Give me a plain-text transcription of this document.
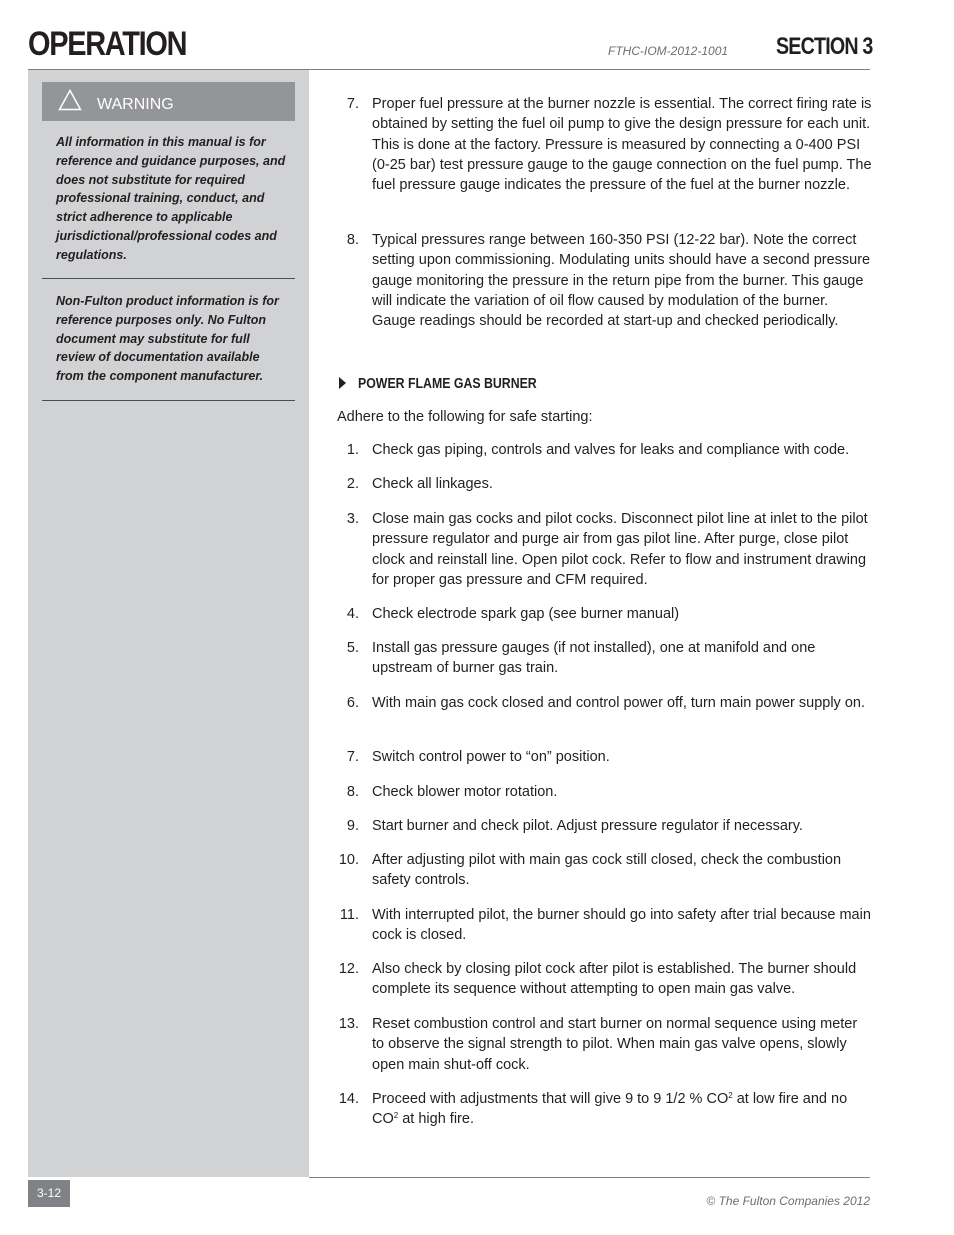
OPERATION	FTHC-IOM-2012-1001 SECTION 3
WARNING
All information in this manual is for reference and guidance purposes, and does not substitute for required professional training, conduct, and strict adherence to applicable jurisdictional/professional codes and regulations.
Non-Fulton product information is for reference purposes only. No Fulton document may substitute for full review of documentation available from the component manufacturer.
7. Proper fuel pressure at the burner nozzle is essential. The correct firing rate is obtained by setting the fuel oil pump to give the design pressure for each unit. This is done at the factory. Pressure is measured by connecting a 0-400 PSI (0-25 bar) test pressure gauge to the gauge connection on the fuel pump. The fuel pressure gauge indicates the pressure of the fuel at the burner nozzle.
8. Typical pressures range between 160-350 PSI (12-22 bar). Note the correct setting upon commissioning. Modulating units should have a second pressure gauge monitoring the pressure in the return pipe from the burner. This gauge will indicate the variation of oil flow caused by modulation of the burner. Gauge readings should be recorded at start-up and checked periodically.
POWER FLAME GAS BURNER
Adhere to the following for safe starting:
1. Check gas piping, controls and valves for leaks and compliance with code.
2. Check all linkages.
3. Close main gas cocks and pilot cocks. Disconnect pilot line at inlet to the pilot pressure regulator and purge air from gas pilot line. After purge, close pilot clock and reinstall line. Open pilot cock. Refer to flow and instrument drawing for proper gas pressure and CFM required.
4. Check electrode spark gap (see burner manual)
5. Install gas pressure gauges (if not installed), one at manifold and one upstream of burner gas train.
6. With main gas cock closed and control power off, turn main power supply on.
7. Switch control power to “on” position.
8. Check blower motor rotation.
9. Start burner and check pilot. Adjust pressure regulator if necessary.
10. After adjusting pilot with main gas cock still closed, check the combustion safety controls.
11. With interrupted pilot, the burner should go into safety after trial because main cock is closed.
12. Also check by closing pilot cock after pilot is established. The burner should complete its sequence without attempting to open main gas valve.
13. Reset combustion control and start burner on normal sequence using meter to observe the signal strength to pilot. When main gas valve opens, slowly open main shut-off cock.
14. Proceed with adjustments that will give 9 to 9 1/2 % $CO^2$ at low fire and no $CO^2$ at high fire.
3-12
© The Fulton Companies 2012
